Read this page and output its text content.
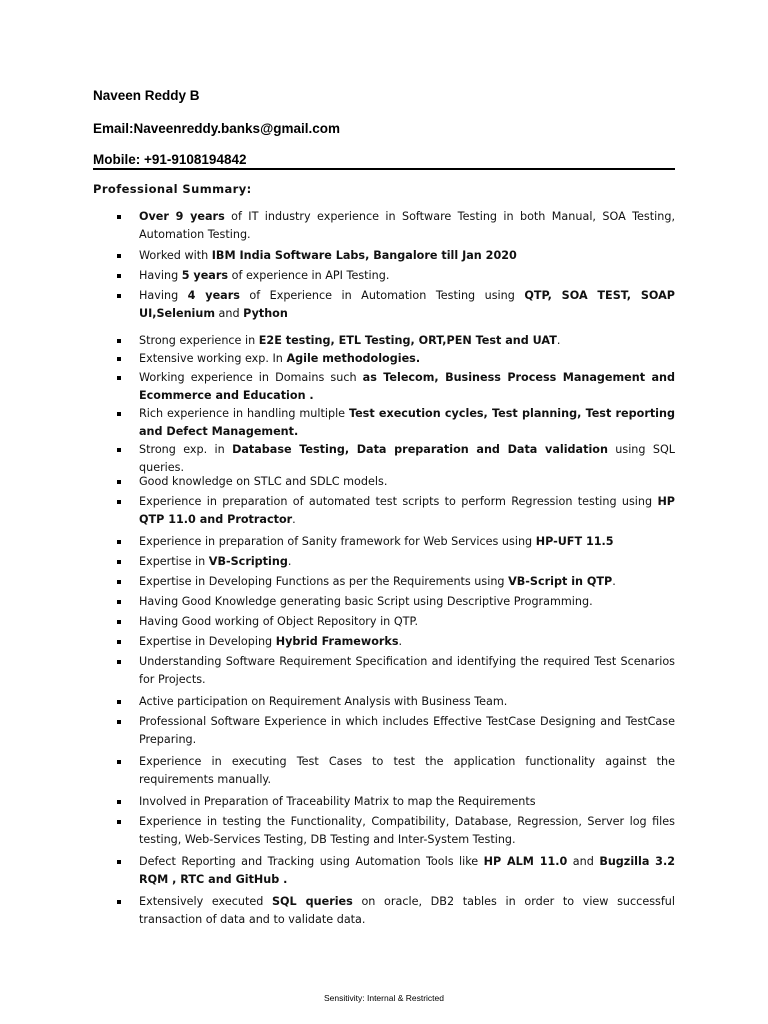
Naveen Reddy B
Email:Naveenreddy.banks@gmail.com
Mobile: +91-9108194842
Professional Summary:
Over 9 years of IT industry experience in Software Testing in both Manual, SOA Testing, Automation Testing.
Worked with IBM India Software Labs, Bangalore till Jan 2020
Having 5 years of experience in API Testing.
Having 4 years of Experience in Automation Testing using QTP, SOA TEST, SOAP UI,Selenium and Python
Strong experience in E2E testing, ETL Testing, ORT,PEN Test and UAT.
Extensive working exp. In Agile methodologies.
Working experience in Domains such as Telecom, Business Process Management and Ecommerce and Education .
Rich experience in handling multiple Test execution cycles, Test planning, Test reporting and Defect Management.
Strong exp. in Database Testing, Data preparation and Data validation using SQL queries.
Good knowledge on STLC and SDLC models.
Experience in preparation of automated test scripts to perform Regression testing using HP QTP 11.0 and Protractor.
Experience in preparation of Sanity framework for Web Services using HP-UFT 11.5
Expertise in VB-Scripting.
Expertise in Developing Functions as per the Requirements using VB-Script in QTP.
Having Good Knowledge generating basic Script using Descriptive Programming.
Having Good working of Object Repository in QTP.
Expertise in Developing Hybrid Frameworks.
Understanding Software Requirement Specification and identifying the required Test Scenarios for Projects.
Active participation on Requirement Analysis with Business Team.
Professional Software Experience in which includes Effective TestCase Designing and TestCase Preparing.
Experience in executing Test Cases to test the application functionality against the requirements manually.
Involved in Preparation of Traceability Matrix to map the Requirements
Experience in testing the Functionality, Compatibility, Database, Regression, Server log files testing, Web-Services Testing, DB Testing and Inter-System Testing.
Defect Reporting and Tracking using Automation Tools like HP ALM 11.0 and Bugzilla 3.2 RQM , RTC and GitHub .
Extensively executed SQL queries on oracle, DB2 tables in order to view successful transaction of data and to validate data.
Sensitivity: Internal & Restricted
